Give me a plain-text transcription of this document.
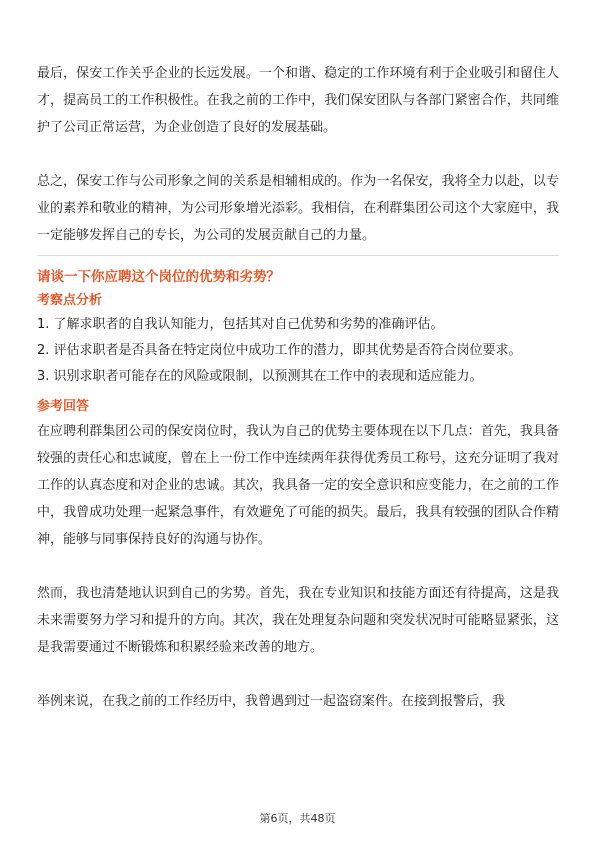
最后，保安工作关乎企业的长远发展。一个和谐、稳定的工作环境有利于企业吸引和留住人才，提高员工的工作积极性。在我之前的工作中，我们保安团队与各部门紧密合作，共同维护了公司正常运营，为企业创造了良好的发展基础。

总之，保安工作与公司形象之间的关系是相辅相成的。作为一名保安，我将全力以赴，以专业的素养和敬业的精神，为公司形象增光添彩。我相信，在利群集团公司这个大家庭中，我一定能够发挥自己的专长，为公司的发展贡献自己的力量。

请谈一下你应聘这个岗位的优势和劣势？

考察点分析

1. 了解求职者的自我认知能力，包括其对自己优势和劣势的准确评估。

2. 评估求职者是否具备在特定岗位中成功工作的潜力，即其优势是否符合岗位要求。

3. 识别求职者可能存在的风险或限制，以预测其在工作中的表现和适应能力。

参考回答

在应聘利群集团公司的保安岗位时，我认为自己的优势主要体现在以下几点：首先，我具备较强的责任心和忠诚度，曾在上一份工作中连续两年获得优秀员工称号，这充分证明了我对工作的认真态度和对企业的忠诚。其次，我具备一定的安全意识和应变能力，在之前的工作中，我曾成功处理一起紧急事件，有效避免了可能的损失。最后，我具有较强的团队合作精神，能够与同事保持良好的沟通与协作。

然而，我也清楚地认识到自己的劣势。首先，我在专业知识和技能方面还有待提高，这是我未来需要努力学习和提升的方向。其次，我在处理复杂问题和突发状况时可能略显紧张，这是我需要通过不断锻炼和积累经验来改善的地方。

举例来说，在我之前的工作经历中，我曾遇到过一起盗窃案件。在接到报警后，我

第6页，共48页
